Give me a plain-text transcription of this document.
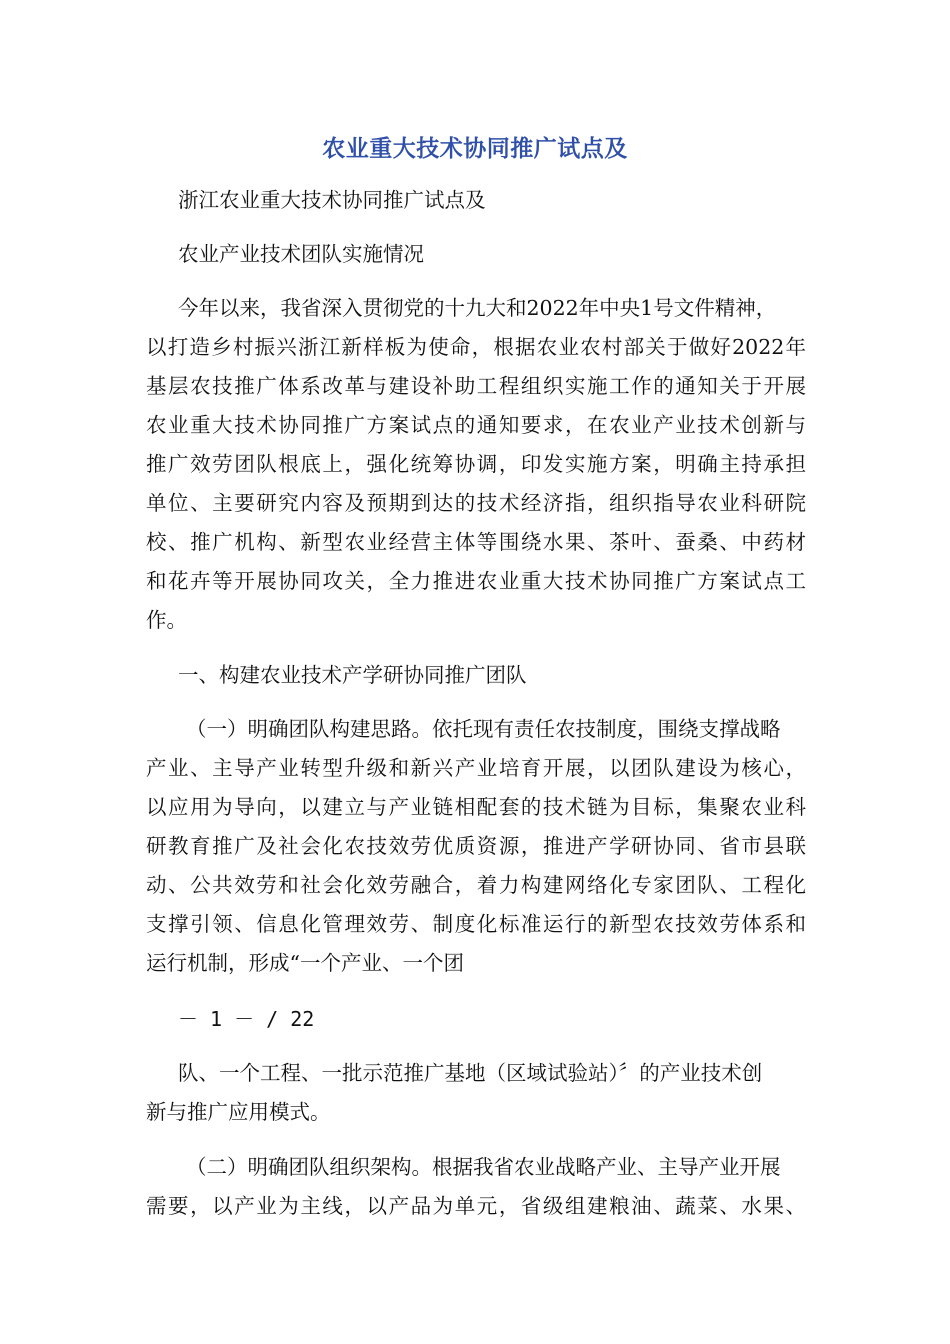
农业重大技术协同推广试点及
浙江农业重大技术协同推广试点及
农业产业技术团队实施情况
今年以来，我省深入贯彻党的十九大和2022年中央1号文件精神，
以打造乡村振兴浙江新样板为使命，根据农业农村部关于做好2022年
基层农技推广体系改革与建设补助工程组织实施工作的通知关于开展
农业重大技术协同推广方案试点的通知要求，在农业产业技术创新与
推广效劳团队根底上，强化统筹协调，印发实施方案，明确主持承担
单位、主要研究内容及预期到达的技术经济指，组织指导农业科研院
校、推广机构、新型农业经营主体等围绕水果、茶叶、蚕桑、中药材
和花卉等开展协同攻关，全力推进农业重大技术协同推广方案试点工
作。
一、构建农业技术产学研协同推广团队
（一）明确团队构建思路。依托现有责任农技制度，围绕支撑战略
产业、主导产业转型升级和新兴产业培育开展，以团队建设为核心，
以应用为导向，以建立与产业链相配套的技术链为目标，集聚农业科
研教育推广及社会化农技效劳优质资源，推进产学研协同、省市县联
动、公共效劳和社会化效劳融合，着力构建网络化专家团队、工程化
支撑引领、信息化管理效劳、制度化标准运行的新型农技效劳体系和
运行机制，形成“一个产业、一个团
－ 1 － / 22
队、一个工程、一批示范推广基地（区域试验站）〞的产业技术创
新与推广应用模式。
（二）明确团队组织架构。根据我省农业战略产业、主导产业开展
需要，以产业为主线，以产品为单元，省级组建粮油、蔬菜、水果、
